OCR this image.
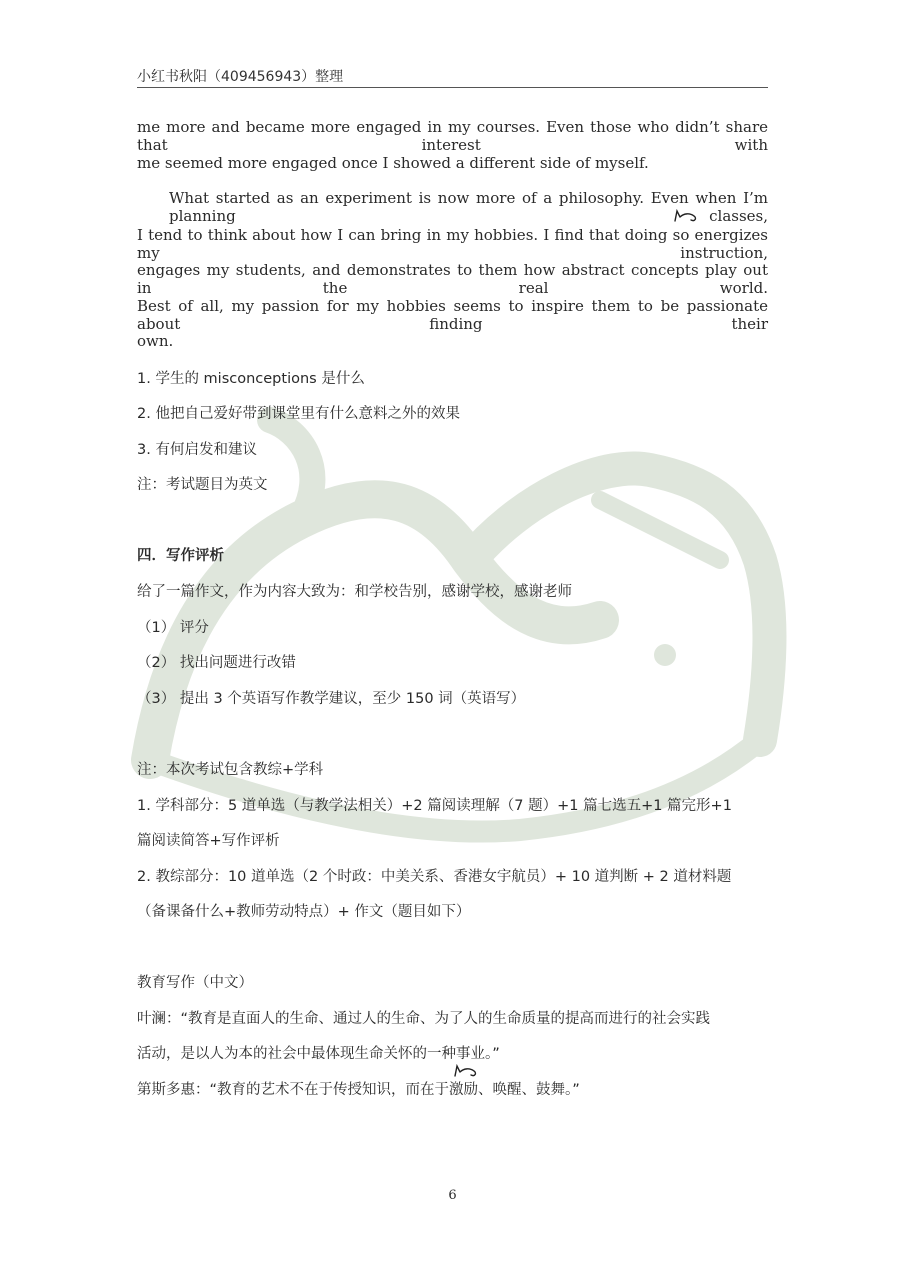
小红书秋阳（409456943）整理
me more and became more engaged in my courses. Even those who didn’t share that interest with
me seemed more engaged once I showed a different side of myself.
What started as an experiment is now more of a philosophy. Even when I’m planning classes,
I tend to think about how I can bring in my hobbies. I find that doing so energizes my instruction,
engages my students, and demonstrates to them how abstract concepts play out in the real world.
Best of all, my passion for my hobbies seems to inspire them to be passionate about finding their
own.
1. 学生的 misconceptions 是什么
2. 他把自己爱好带到课堂里有什么意料之外的效果
3. 有何启发和建议
注：考试题目为英文
四．写作评析
给了一篇作文，作为内容大致为：和学校告别，感谢学校，感谢老师
（1） 评分
（2） 找出问题进行改错
（3） 提出 3 个英语写作教学建议，至少 150 词（英语写）
注：本次考试包含教综+学科
1. 学科部分：5 道单选（与教学法相关）+2 篇阅读理解（7 题）+1 篇七选五+1 篇完形+1
篇阅读简答+写作评析
2. 教综部分：10 道单选（2 个时政：中美关系、香港女宇航员）+ 10 道判断 + 2 道材料题
（备课备什么+教师劳动特点）+ 作文（题目如下）
教育写作（中文）
叶澜：“教育是直面人的生命、通过人的生命、为了人的生命质量的提高而进行的社会实践
活动，是以人为本的社会中最体现生命关怀的一种事业。”
第斯多惠：“教育的艺术不在于传授知识，而在于激励、唤醒、鼓舞。”
6
